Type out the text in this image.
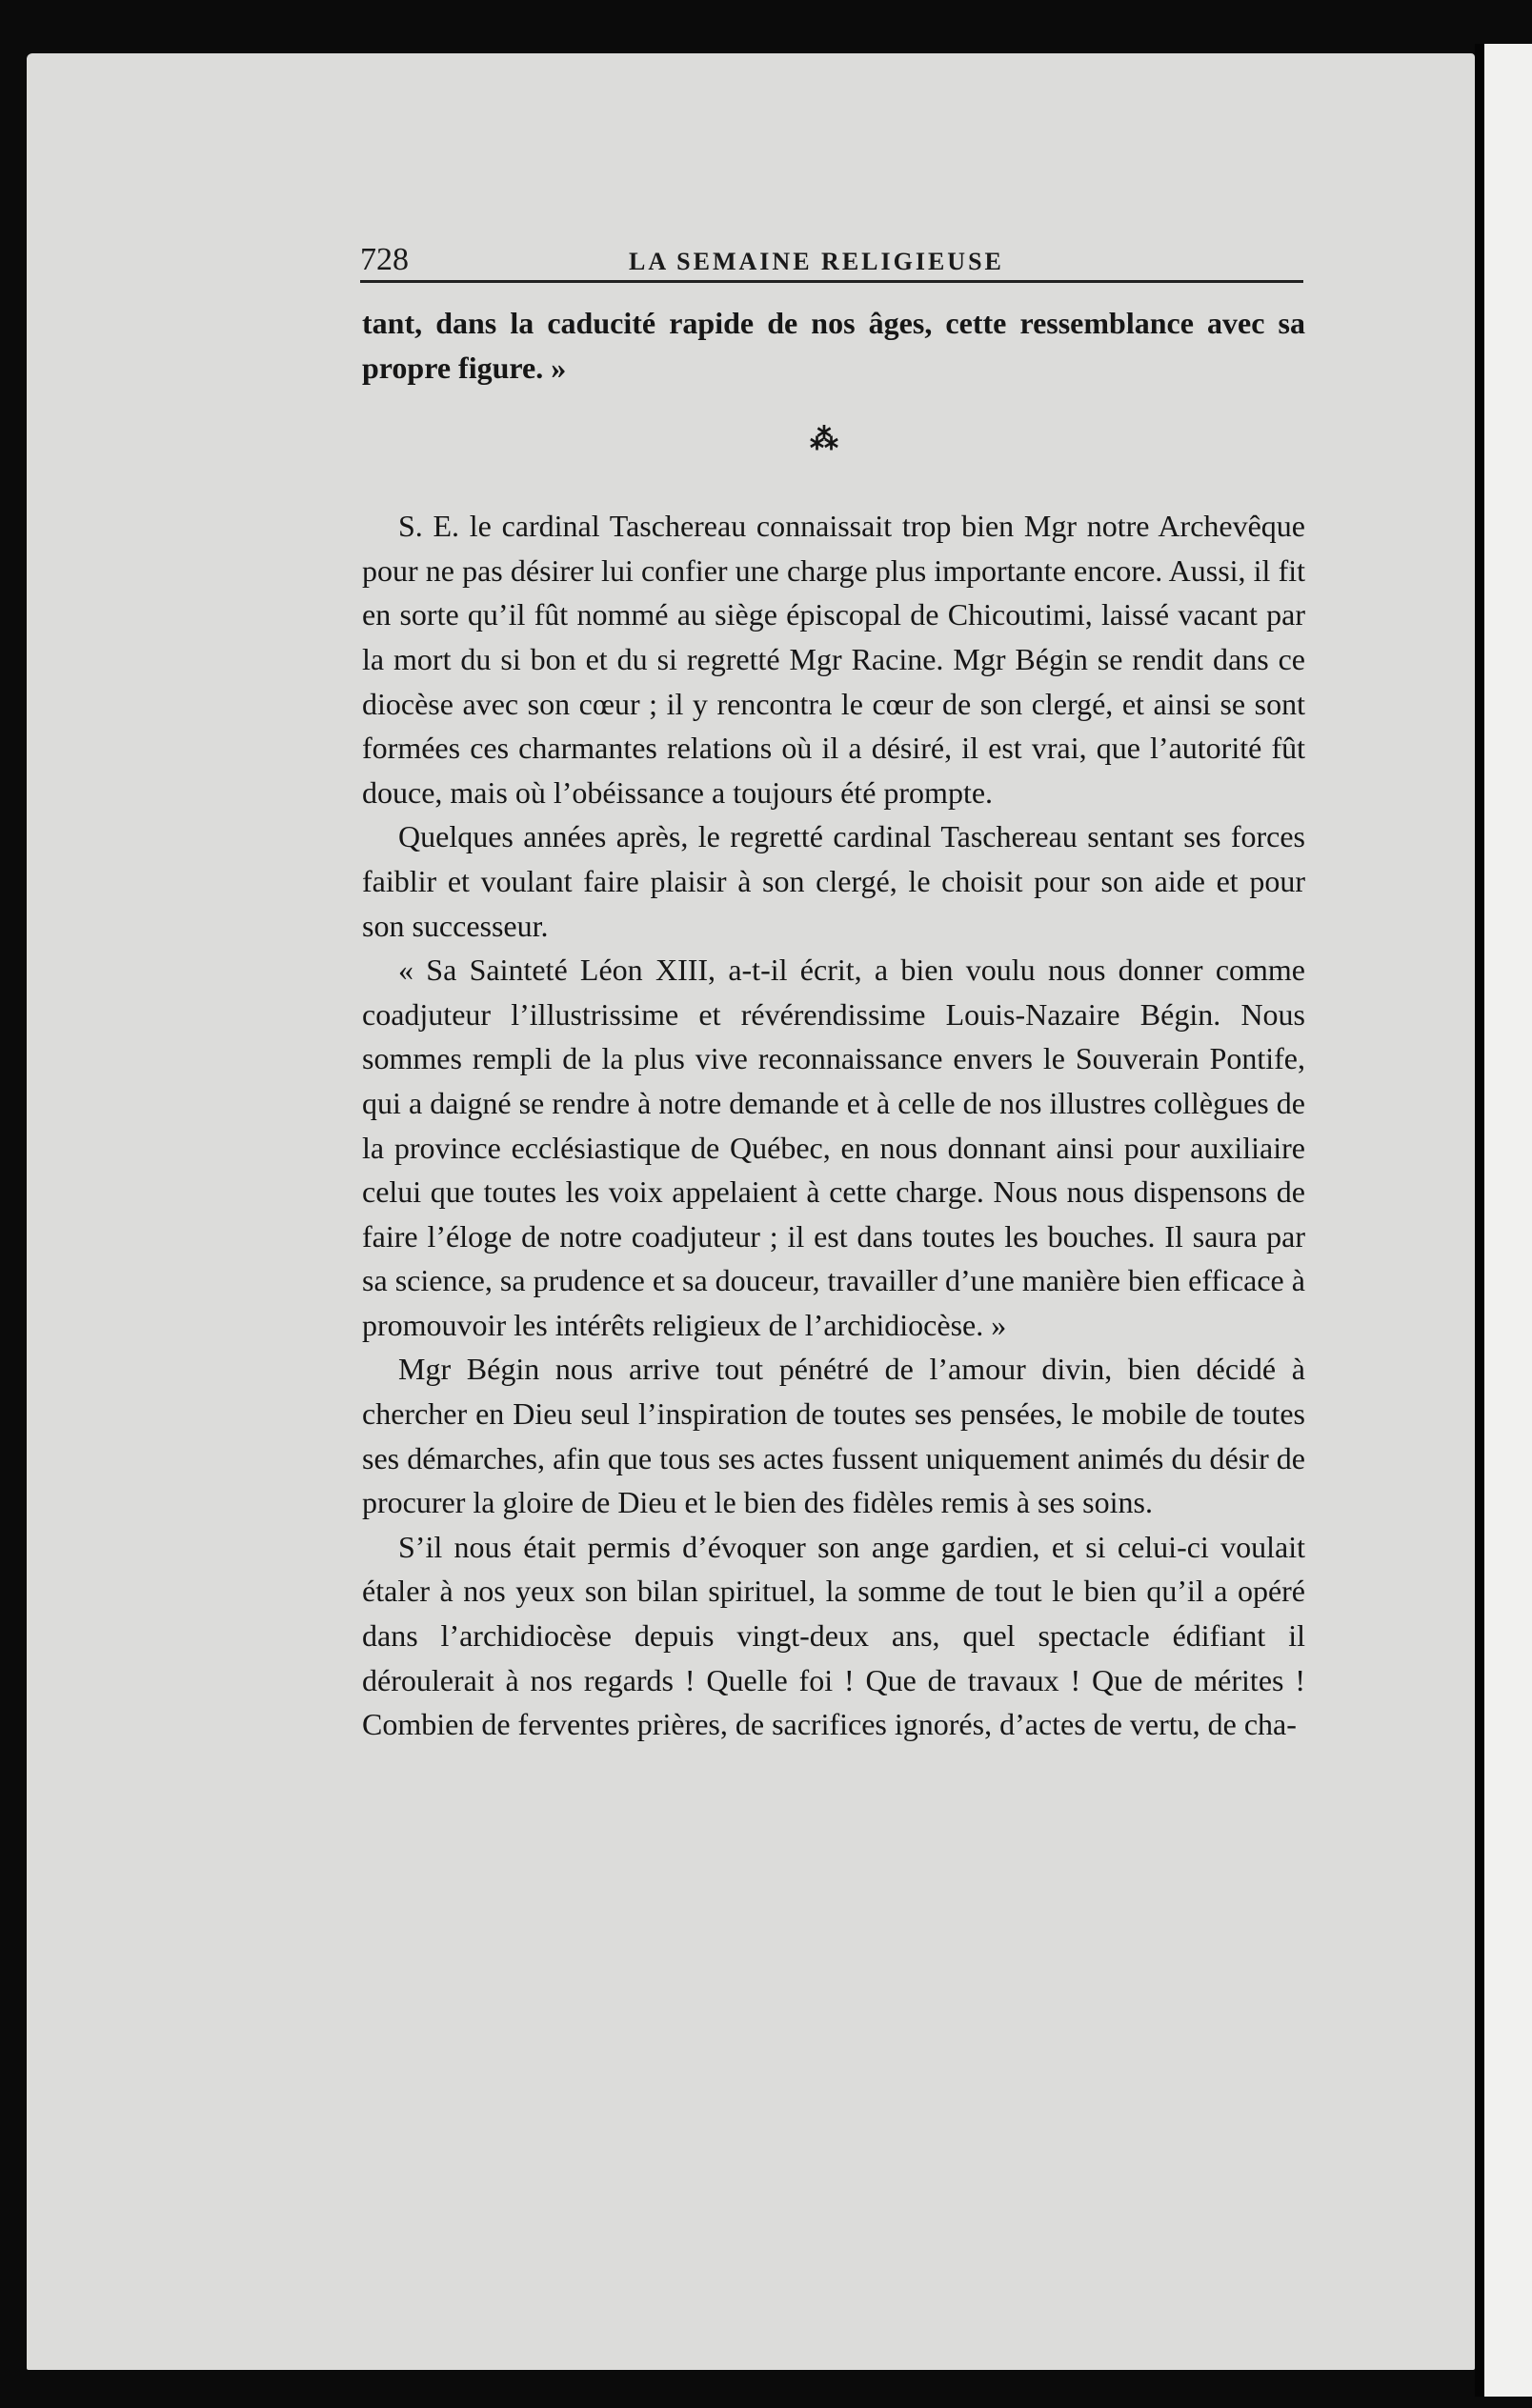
728	LA SEMAINE RELIGIEUSE

tant, dans la caducité rapide de nos âges, cette ressemblance avec sa propre figure. »

⁂

S. E. le cardinal Taschereau connaissait trop bien Mgr notre Archevêque pour ne pas désirer lui confier une charge plus importante encore. Aussi, il fit en sorte qu’il fût nommé au siège épiscopal de Chicoutimi, laissé vacant par la mort du si bon et du si regretté Mgr Racine. Mgr Bégin se rendit dans ce diocèse avec son cœur ; il y rencontra le cœur de son clergé, et ainsi se sont formées ces charmantes relations où il a désiré, il est vrai, que l’autorité fût douce, mais où l’obéissance a toujours été prompte.

Quelques années après, le regretté cardinal Taschereau sentant ses forces faiblir et voulant faire plaisir à son clergé, le choisit pour son aide et pour son successeur.

« Sa Sainteté Léon XIII, a-t-il écrit, a bien voulu nous donner comme coadjuteur l’illustrissime et révérendissime Louis-Nazaire Bégin. Nous sommes rempli de la plus vive reconnaissance envers le Souverain Pontife, qui a daigné se rendre à notre demande et à celle de nos illustres collègues de la province ecclésiastique de Québec, en nous donnant ainsi pour auxiliaire celui que toutes les voix appelaient à cette charge. Nous nous dispensons de faire l’éloge de notre coadjuteur ; il est dans toutes les bouches. Il saura par sa science, sa prudence et sa douceur, travailler d’une manière bien efficace à promouvoir les intérêts religieux de l’archidiocèse. »

Mgr Bégin nous arrive tout pénétré de l’amour divin, bien décidé à chercher en Dieu seul l’inspiration de toutes ses pensées, le mobile de toutes ses démarches, afin que tous ses actes fussent uniquement animés du désir de procurer la gloire de Dieu et le bien des fidèles remis à ses soins.

S’il nous était permis d’évoquer son ange gardien, et si celui-ci voulait étaler à nos yeux son bilan spirituel, la somme de tout le bien qu’il a opéré dans l’archidiocèse depuis vingt-deux ans, quel spectacle édifiant il déroulerait à nos regards ! Quelle foi ! Que de travaux ! Que de mérites ! Combien de ferventes prières, de sacrifices ignorés, d’actes de vertu, de cha-
